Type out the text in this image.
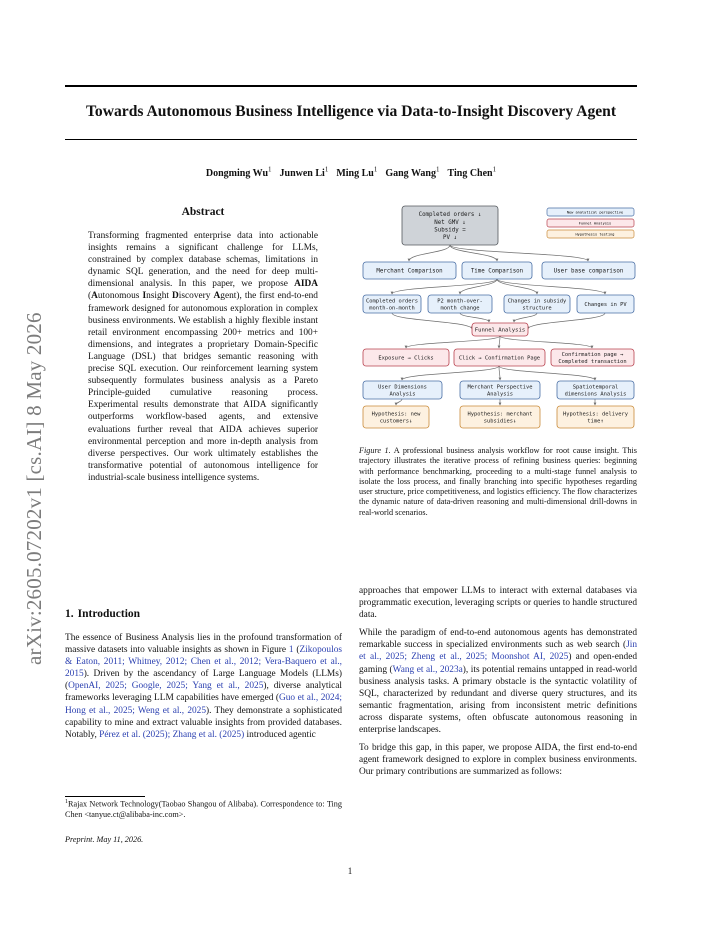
Towards Autonomous Business Intelligence via Data-to-Insight Discovery Agent
Dongming Wu$^1$ Junwen Li$^1$ Ming Lu$^1$ Gang Wang$^1$ Ting Chen$^1$
arXiv:2605.07202v1 [cs.AI] 8 May 2026
Abstract

Transforming fragmented enterprise data into actionable insights remains a significant challenge for LLMs, constrained by complex database schemas, limitations in dynamic SQL generation, and the need for deep multi-dimensional analysis. In this paper, we propose AIDA (Autonomous Insight Discovery Agent), the first end-to-end framework designed for autonomous exploration in complex business environments. We establish a highly flexible instant retail environment encompassing 200+ metrics and 100+ dimensions, and integrates a proprietary Domain-Specific Language (DSL) that bridges semantic reasoning with precise SQL execution. Our reinforcement learning system subsequently formulates business analysis as a Pareto Principle-guided cumulative reasoning process. Experimental results demonstrate that AIDA significantly outperforms workflow-based agents, and extensive evaluations further reveal that AIDA achieves superior environmental perception and more in-depth analysis from diverse perspectives. Our work ultimately establishes the transformative potential of autonomous intelligence for industrial-scale business intelligence systems.

1. Introduction

The essence of Business Analysis lies in the profound transformation of massive datasets into valuable insights as shown in Figure 1 (Zikopoulos & Eaton, 2011; Whitney, 2012; Chen et al., 2012; Vera-Baquero et al., 2015). Driven by the ascendancy of Large Language Models (LLMs) (OpenAI, 2025; Google, 2025; Yang et al., 2025), diverse analytical frameworks leveraging LLM capabilities have emerged (Guo et al., 2024; Hong et al., 2025; Weng et al., 2025). They demonstrate a sophisticated capability to mine and extract valuable insights from provided databases. Notably, Pérez et al. (2025); Zhang et al. (2025) introduced agentic

$^1$Rajax Network Technology(Taobao Shangou of Alibaba). Correspondence to: Ting Chen <tanyue.ct@alibaba-inc.com>.
Preprint. May 11, 2026.
1
Completed orders ↓
Net GMV ↓
Subsidy =
PV ↓
New analytical perspective
Funnel Analysis
Hypothesis testing
Merchant Comparison	Time Comparison	User base comparison
Completed orders
month-on-month
P2 month-over-
month change
Changes in subsidy
structure
Changes in PV
Funnel Analysis
Exposure → Clicks	Click → Confirmation Page
Confirmation page →
Completed transaction
User Dimensions
Analysis
Merchant Perspective
Analysis
Spatiotemporal
dimensions Analysis
Hypothesis: new
customers↓
Hypothesis: merchant
subsidies↓
Hypothesis: delivery
time↑
Figure 1. A professional business analysis workflow for root cause insight. This trajectory illustrates the iterative process of refining business queries: beginning with performance benchmarking, proceeding to a multi-stage funnel analysis to isolate the loss process, and finally branching into specific hypotheses regarding user structure, price competitiveness, and logistics efficiency. The flow characterizes the dynamic nature of data-driven reasoning and multi-dimensional drill-downs in real-world scenarios.

approaches that empower LLMs to interact with external databases via programmatic execution, leveraging scripts or queries to handle structured data.

While the paradigm of end-to-end autonomous agents has demonstrated remarkable success in specialized environments such as web search (Jin et al., 2025; Zheng et al., 2025; Moonshot AI, 2025) and open-ended gaming (Wang et al., 2023a), its potential remains untapped in read-world business analysis tasks. A primary obstacle is the syntactic volatility of SQL, characterized by redundant and diverse query structures, and its semantic fragmentation, arising from inconsistent metric definitions across disparate systems, often obfuscate autonomous reasoning in enterprise landscapes.

To bridge this gap, in this paper, we propose AIDA, the first end-to-end agent framework designed to explore in complex business environments. Our primary contributions are summarized as follows:
